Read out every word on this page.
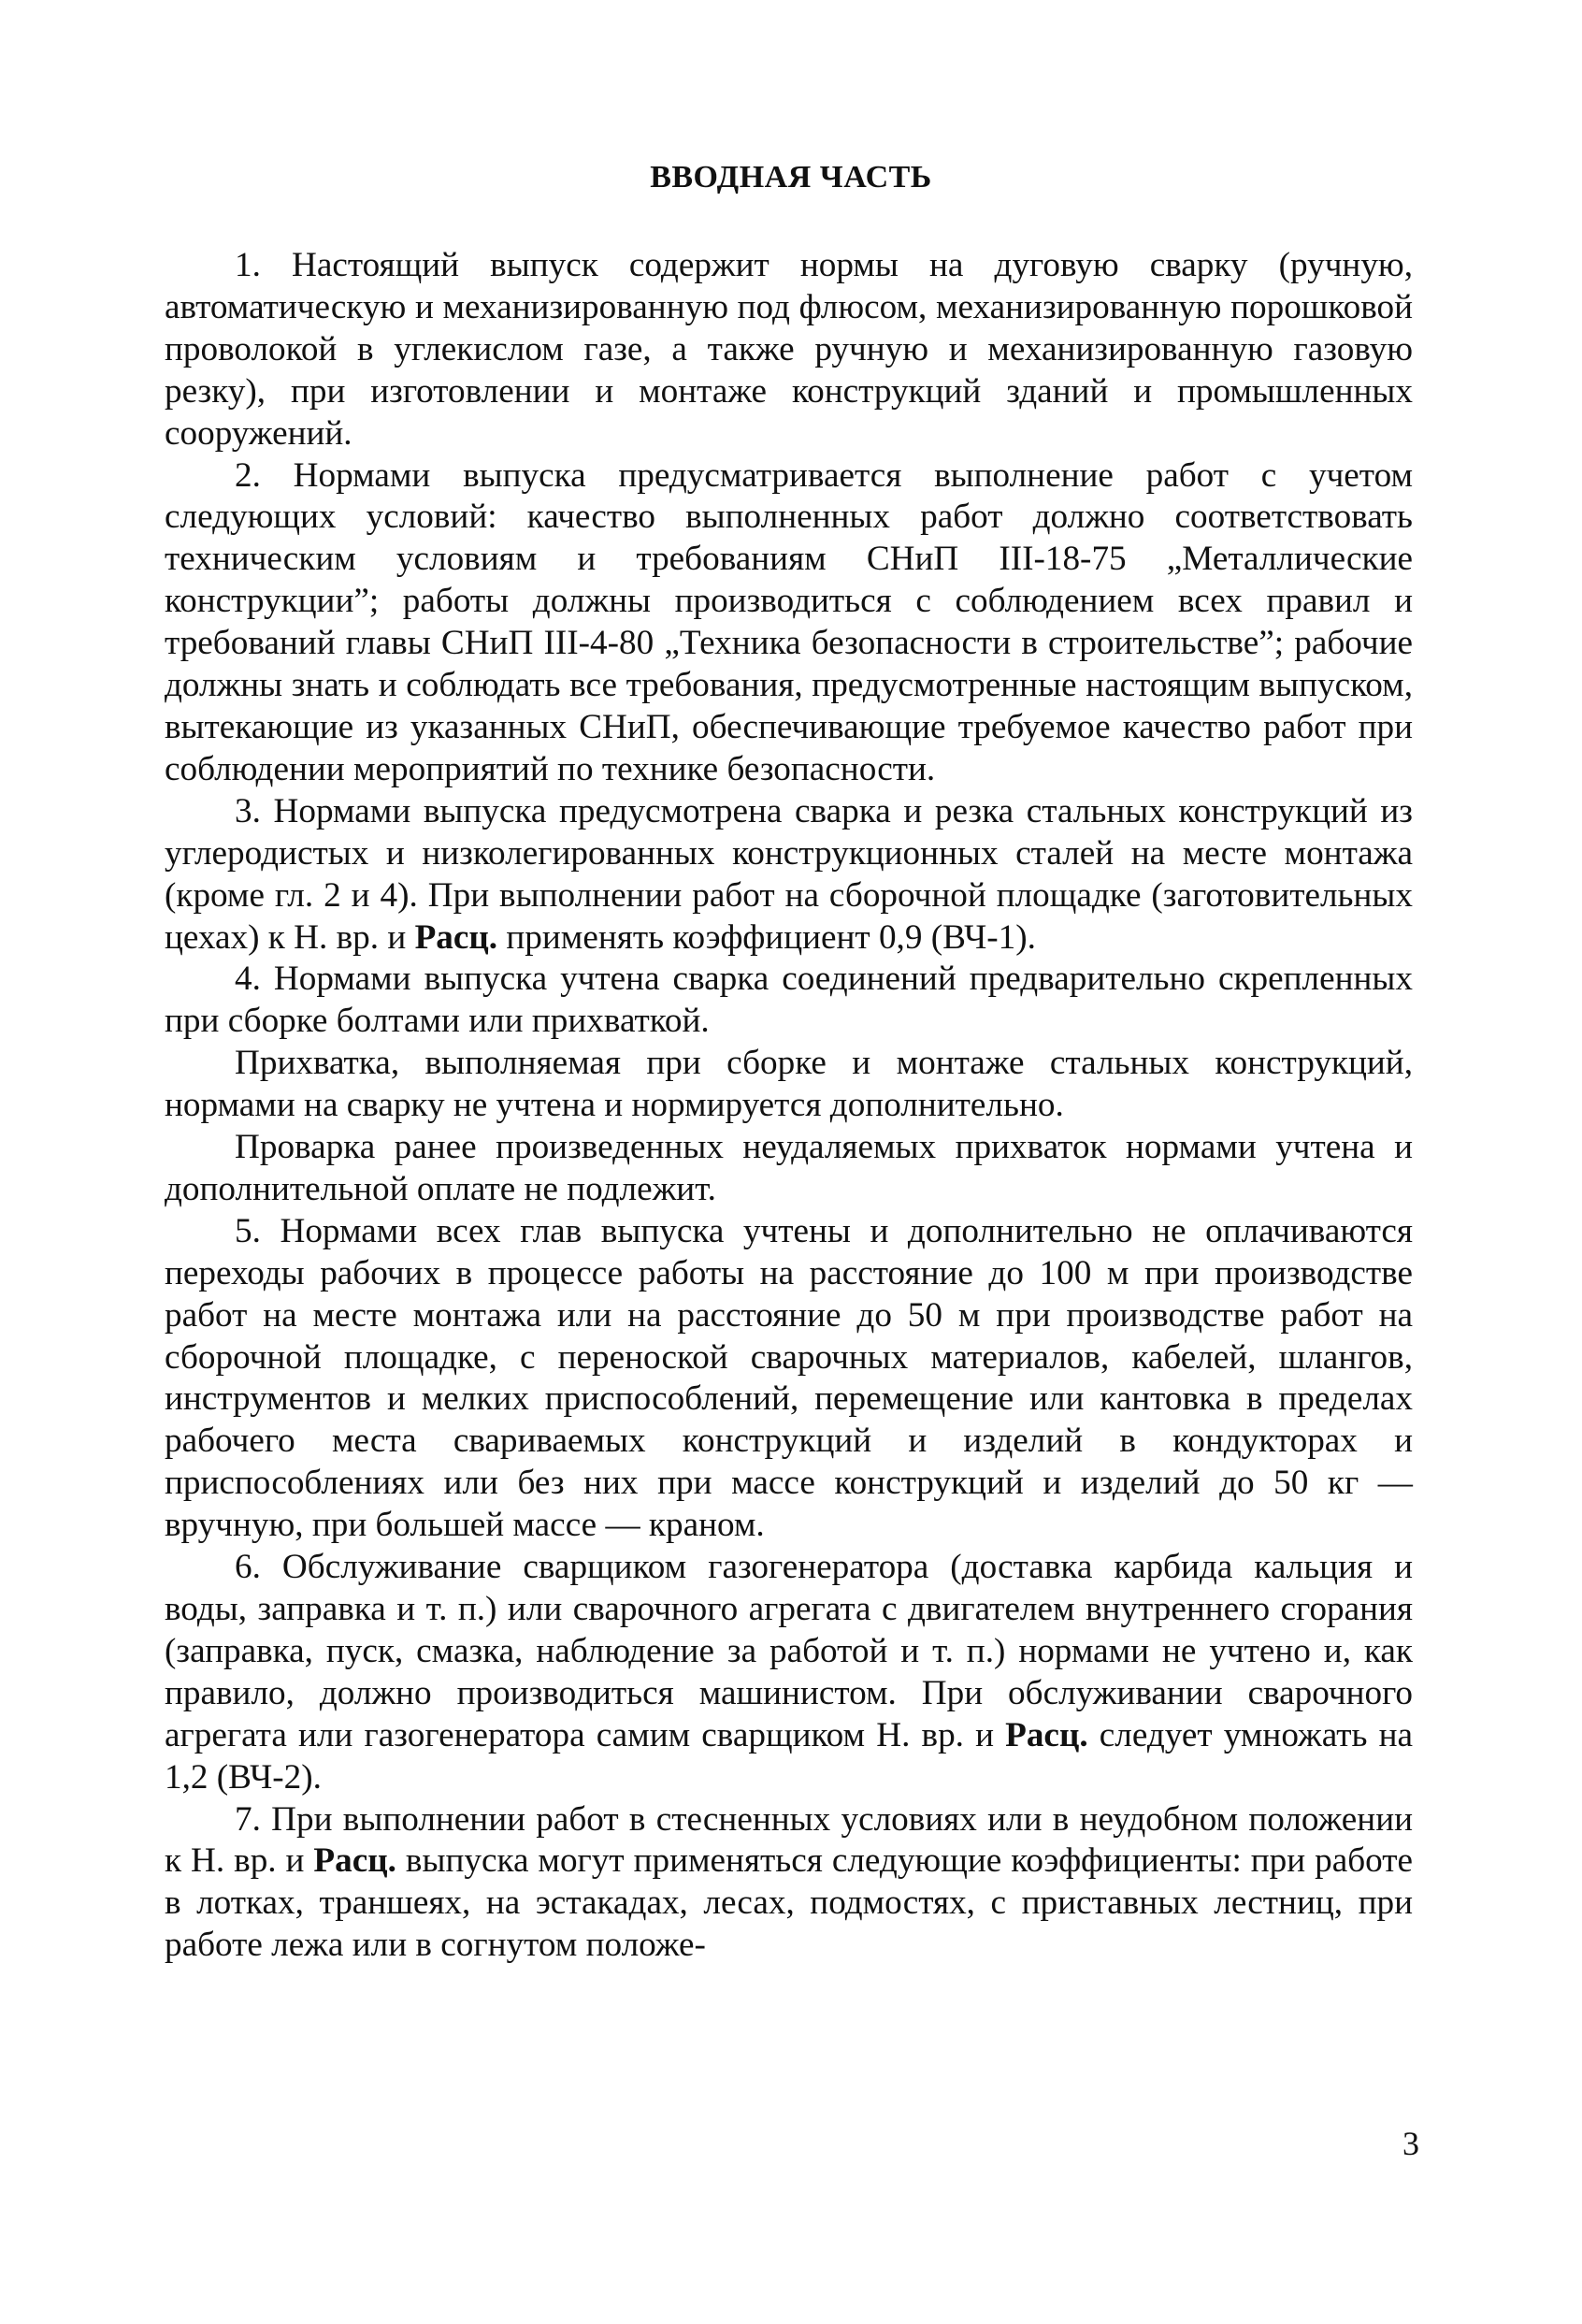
ВВОДНАЯ ЧАСТЬ

1. Настоящий выпуск содержит нормы на дуговую сварку (ручную, автоматическую и механизированную под флюсом, механизированную порошковой проволокой в углекислом газе, а также ручную и механизированную газовую резку), при изготовлении и монтаже конструкций зданий и промышленных сооружений.

2. Нормами выпуска предусматривается выполнение работ с учетом следующих условий: качество выполненных работ должно соответствовать техническим условиям и требованиям СНиП III-18-75 „Металлические конструкции”; работы должны производиться с соблюдением всех правил и требований главы СНиП III-4-80 „Техника безопасности в строительстве”; рабочие должны знать и соблюдать все требования, предусмотренные настоящим выпуском, вытекающие из указанных СНиП, обеспечивающие требуемое качество работ при соблюдении мероприятий по технике безопасности.

3. Нормами выпуска предусмотрена сварка и резка стальных конструкций из углеродистых и низколегированных конструкционных сталей на месте монтажа (кроме гл. 2 и 4). При выполнении работ на сборочной площадке (заготовительных цехах) к Н. вр. и Расц. применять коэффициент 0,9 (ВЧ-1).

4. Нормами выпуска учтена сварка соединений предварительно скрепленных при сборке болтами или прихваткой.

Прихватка, выполняемая при сборке и монтаже стальных конструкций, нормами на сварку не учтена и нормируется дополнительно.

Проварка ранее произведенных неудаляемых прихваток нормами учтена и дополнительной оплате не подлежит.

5. Нормами всех глав выпуска учтены и дополнительно не оплачиваются переходы рабочих в процессе работы на расстояние до 100 м при производстве работ на месте монтажа или на расстояние до 50 м при производстве работ на сборочной площадке, с переноской сварочных материалов, кабелей, шлангов, инструментов и мелких приспособлений, перемещение или кантовка в пределах рабочего места свариваемых конструкций и изделий в кондукторах и приспособлениях или без них при массе конструкций и изделий до 50 кг — вручную, при большей массе — краном.

6. Обслуживание сварщиком газогенератора (доставка карбида кальция и воды, заправка и т. п.) или сварочного агрегата с двигателем внутреннего сгорания (заправка, пуск, смазка, наблюдение за работой и т. п.) нормами не учтено и, как правило, должно производиться машинистом. При обслуживании сварочного агрегата или газогенератора самим сварщиком Н. вр. и Расц. следует умножать на 1,2 (ВЧ-2).

7. При выполнении работ в стесненных условиях или в неудобном положении к Н. вр. и Расц. выпуска могут применяться следующие коэффициенты: при работе в лотках, траншеях, на эстакадах, лесах, подмостях, с приставных лестниц, при работе лежа или в согнутом положе-

3
